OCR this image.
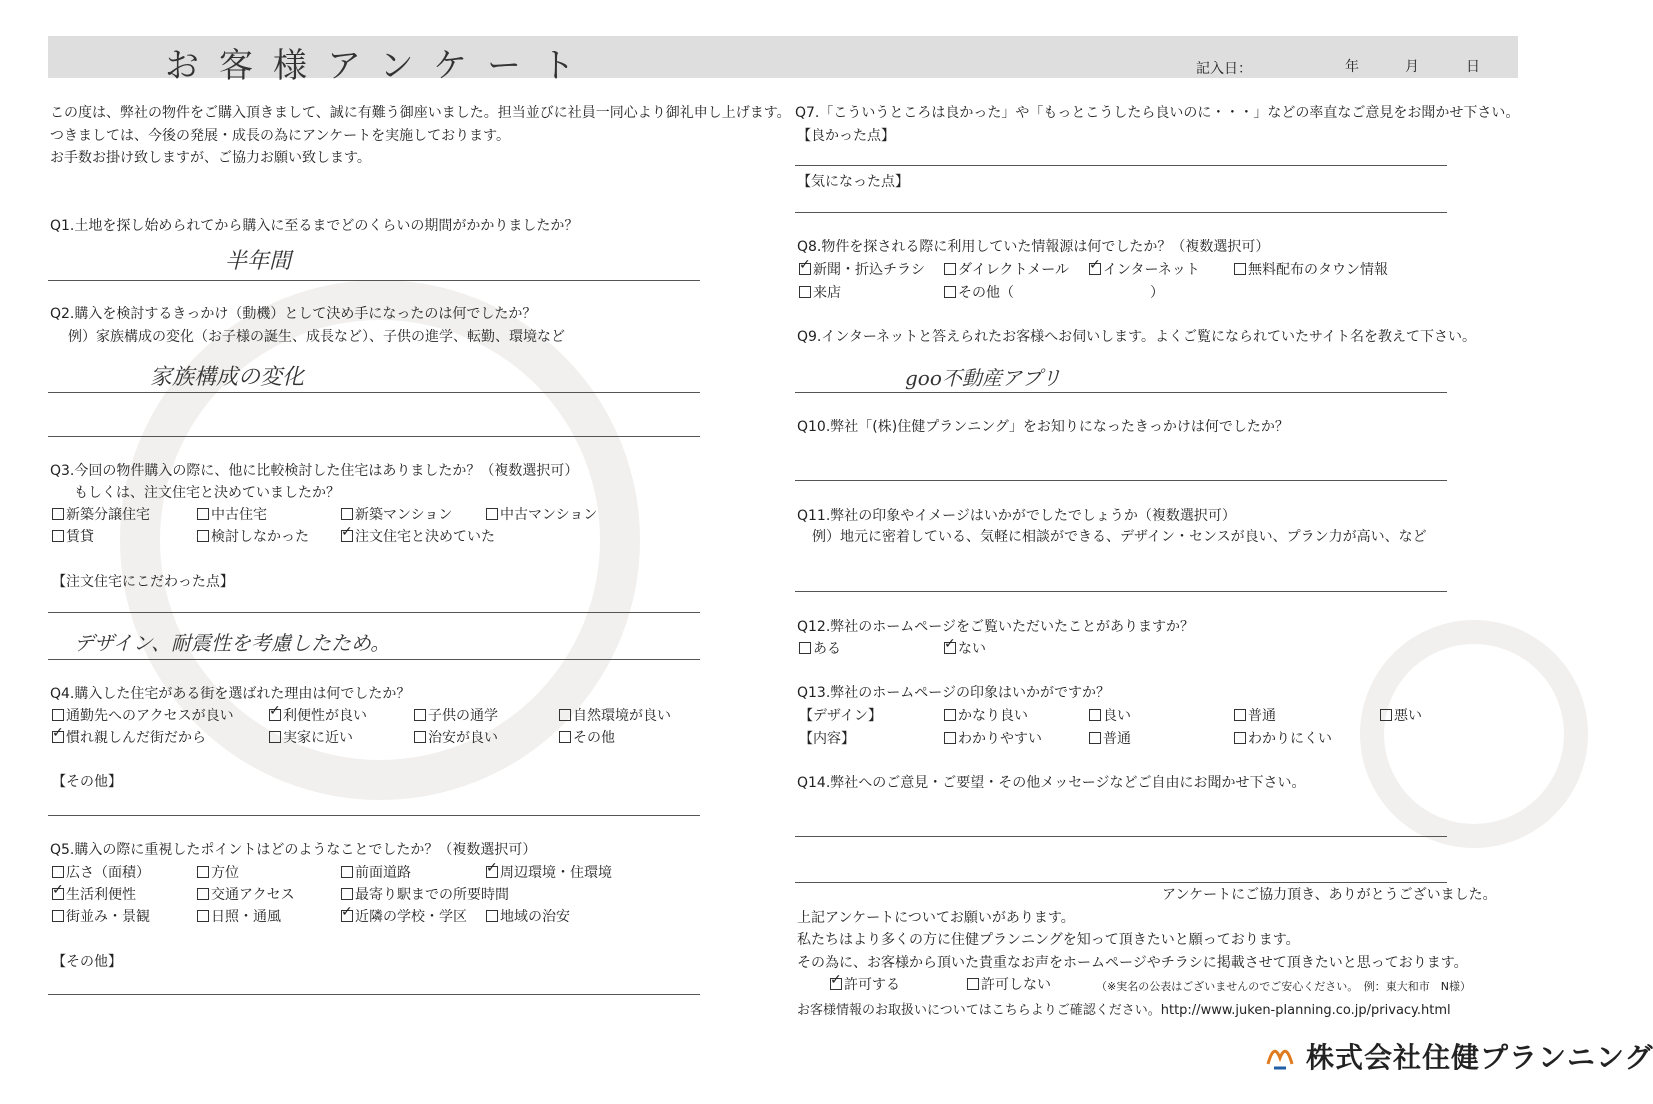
お客様アンケート	記入日：	年	月	日
この度は、弊社の物件をご購入頂きまして、誠に有難う御座いました。担当並びに社員一同心より御礼申し上げます。
つきましては、今後の発展・成長の為にアンケートを実施しております。
お手数お掛け致しますが、ご協力お願い致します。
Q1.土地を探し始められてから購入に至るまでどのくらいの期間がかかりましたか？
半年間
Q2.購入を検討するきっかけ（動機）として決め手になったのは何でしたか？
例）家族構成の変化（お子様の誕生、成長など）、子供の進学、転勤、環境など
家族構成の変化
Q3.今回の物件購入の際に、他に比較検討した住宅はありましたか？（複数選択可）
もしくは、注文住宅と決めていましたか？
新築分譲住宅	中古住宅	新築マンション	中古マンション
賃貸	検討しなかった ✓	注文住宅と決めていた
【注文住宅にこだわった点】
デザイン、耐震性を考慮したため。
Q4.購入した住宅がある街を選ばれた理由は何でしたか？
通勤先へのアクセスが良い ✓	利便性が良い	子供の通学	自然環境が良い
✓慣れ親しんだ街だから	実家に近い	治安が良い	その他
【その他】
Q5.購入の際に重視したポイントはどのようなことでしたか？（複数選択可）
広さ（面積）	方位	前面道路 ✓	周辺環境・住環境
✓生活利便性	交通アクセス	最寄り駅までの所要時間
街並み・景観	日照・通風 ✓	近隣の学校・学区	地域の治安
【その他】
Q7.「こういうところは良かった」や「もっとこうしたら良いのに・・・」などの率直なご意見をお聞かせ下さい。
【良かった点】
【気になった点】
Q8.物件を探される際に利用していた情報源は何でしたか？（複数選択可）
✓新聞・折込チラシ	ダイレクトメール ✓	インターネット	無料配布のタウン情報
来店	その他（	）
Q9.インターネットと答えられたお客様へお伺いします。よくご覧になられていたサイト名を教えて下さい。
goo不動産アプリ
Q10.弊社「(株)住健プランニング」をお知りになったきっかけは何でしたか？
Q11.弊社の印象やイメージはいかがでしたでしょうか（複数選択可）
例）地元に密着している、気軽に相談ができる、デザイン・センスが良い、プラン力が高い、など
Q12.弊社のホームページをご覧いただいたことがありますか？
ある ✓	ない
Q13.弊社のホームページの印象はいかがですか？
【デザイン】	かなり良い	良い	普通	悪い
【内容】	わかりやすい	普通	わかりにくい
Q14.弊社へのご意見・ご要望・その他メッセージなどご自由にお聞かせ下さい。
アンケートにご協力頂き、ありがとうございました。
上記アンケートについてお願いがあります。
私たちはより多くの方に住健プランニングを知って頂きたいと願っております。
その為に、お客様から頂いた貴重なお声をホームページやチラシに掲載させて頂きたいと思っております。
✓許可する	許可しない	（※実名の公表はございませんのでご安心ください。　例：東大和市　N様）
お客様情報のお取扱いについてはこちらよりご確認ください。http://www.juken-planning.co.jp/privacy.html
株式会社住健プランニング
